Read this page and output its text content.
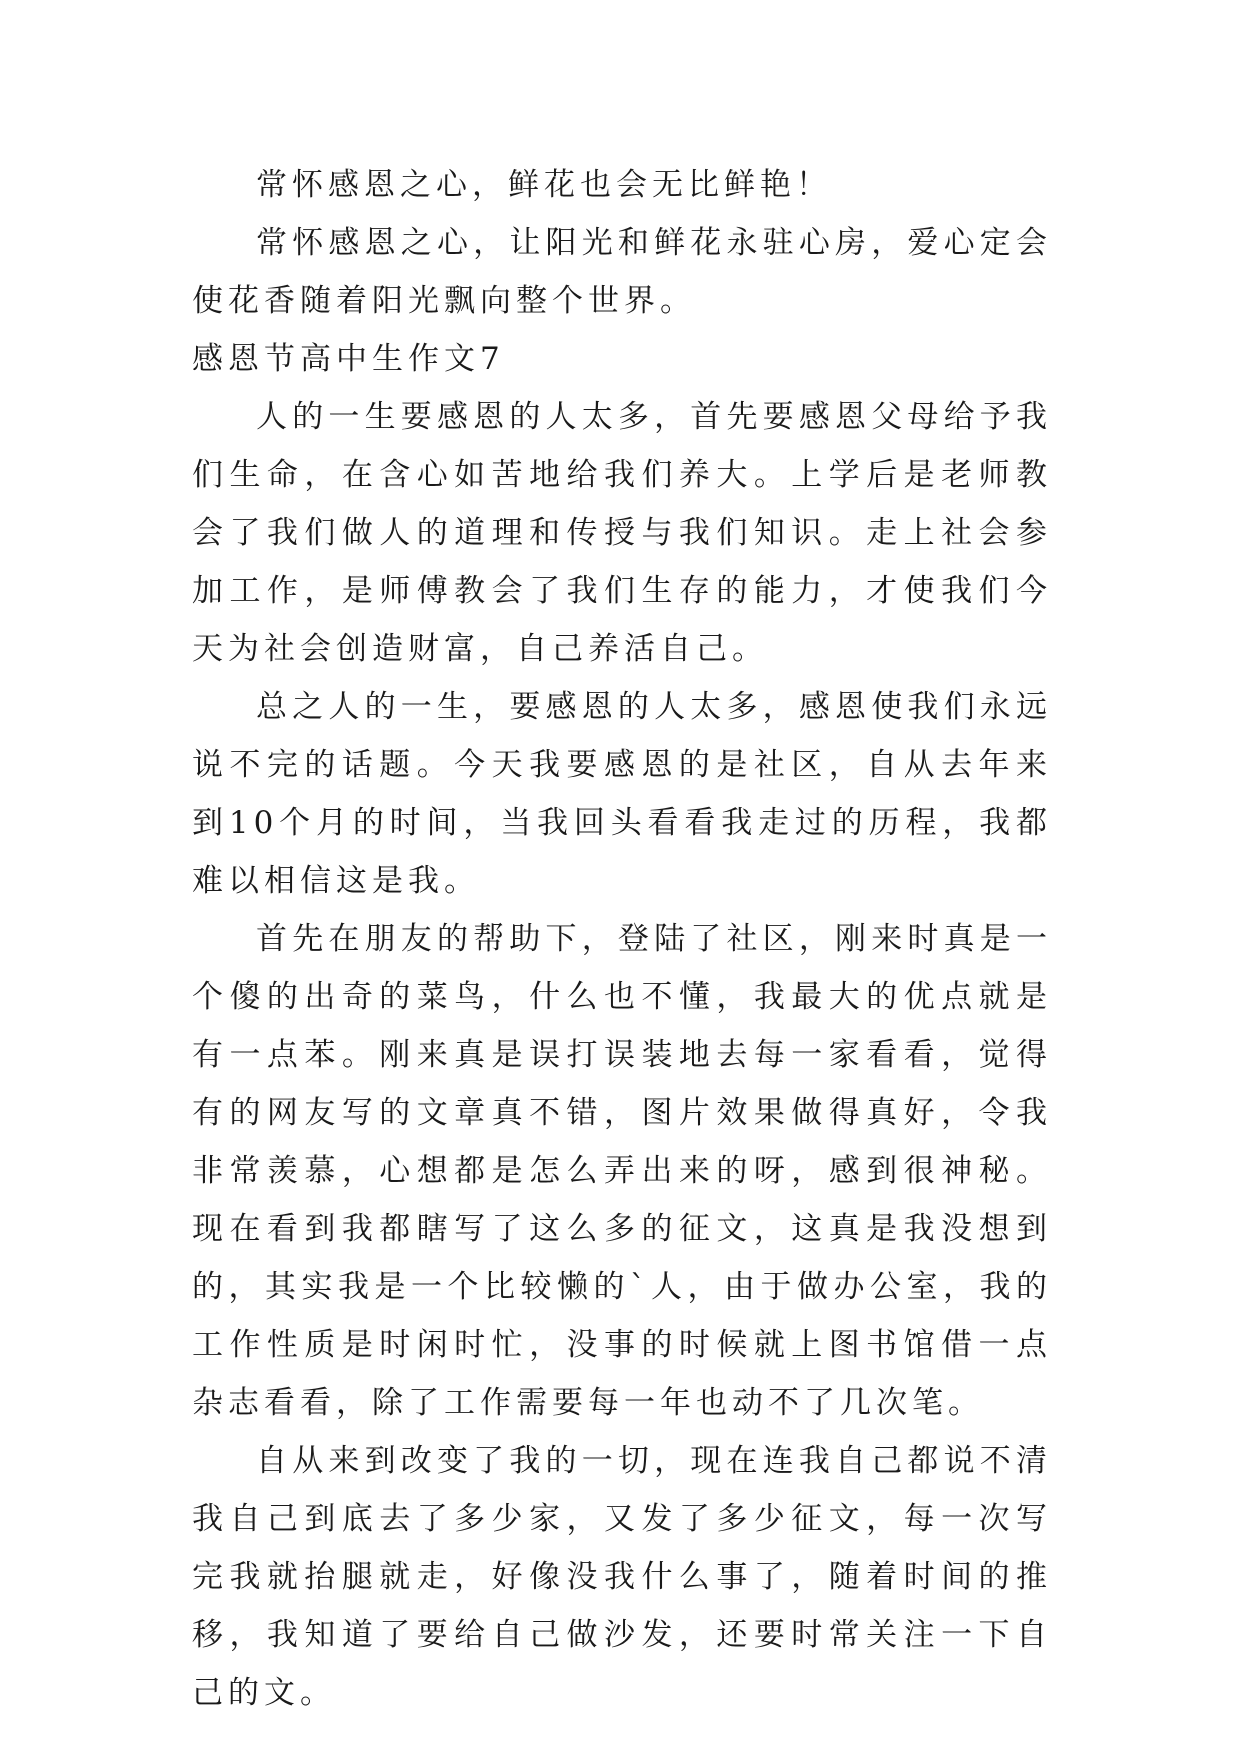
常怀感恩之心，鲜花也会无比鲜艳！

常怀感恩之心，让阳光和鲜花永驻心房，爱心定会使花香随着阳光飘向整个世界。

感恩节高中生作文7

人的一生要感恩的人太多，首先要感恩父母给予我们生命，在含心如苦地给我们养大。上学后是老师教会了我们做人的道理和传授与我们知识。走上社会参加工作，是师傅教会了我们生存的能力，才使我们今天为社会创造财富，自己养活自己。

总之人的一生，要感恩的人太多，感恩使我们永远说不完的话题。今天我要感恩的是社区，自从去年来到10个月的时间，当我回头看看我走过的历程，我都难以相信这是我。

首先在朋友的帮助下，登陆了社区，刚来时真是一个傻的出奇的菜鸟，什么也不懂，我最大的优点就是有一点苯。刚来真是误打误装地去每一家看看，觉得有的网友写的文章真不错，图片效果做得真好，令我非常羡慕，心想都是怎么弄出来的呀，感到很神秘。现在看到我都瞎写了这么多的征文，这真是我没想到的，其实我是一个比较懒的`人，由于做办公室，我的工作性质是时闲时忙，没事的时候就上图书馆借一点杂志看看，除了工作需要每一年也动不了几次笔。

自从来到改变了我的一切，现在连我自己都说不清我自己到底去了多少家，又发了多少征文，每一次写完我就抬腿就走，好像没我什么事了，随着时间的推移，我知道了要给自己做沙发，还要时常关注一下自己的文。
